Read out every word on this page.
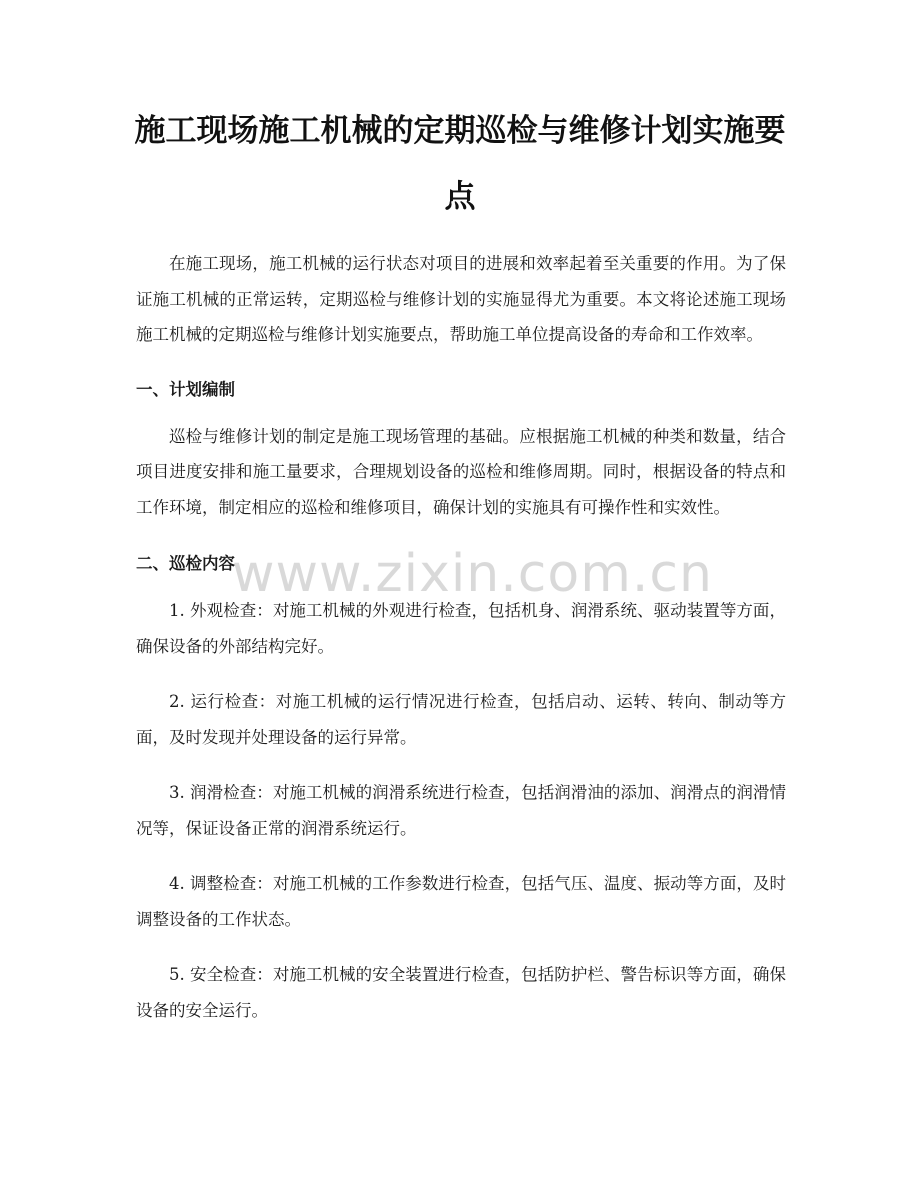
施工现场施工机械的定期巡检与维修计划实施要点

在施工现场，施工机械的运行状态对项目的进展和效率起着至关重要的作用。为了保证施工机械的正常运转，定期巡检与维修计划的实施显得尤为重要。本文将论述施工现场施工机械的定期巡检与维修计划实施要点，帮助施工单位提高设备的寿命和工作效率。

一、计划编制

巡检与维修计划的制定是施工现场管理的基础。应根据施工机械的种类和数量，结合项目进度安排和施工量要求，合理规划设备的巡检和维修周期。同时，根据设备的特点和工作环境，制定相应的巡检和维修项目，确保计划的实施具有可操作性和实效性。

二、巡检内容

1. 外观检查：对施工机械的外观进行检查，包括机身、润滑系统、驱动装置等方面，确保设备的外部结构完好。

2. 运行检查：对施工机械的运行情况进行检查，包括启动、运转、转向、制动等方面，及时发现并处理设备的运行异常。

3. 润滑检查：对施工机械的润滑系统进行检查，包括润滑油的添加、润滑点的润滑情况等，保证设备正常的润滑系统运行。

4. 调整检查：对施工机械的工作参数进行检查，包括气压、温度、振动等方面，及时调整设备的工作状态。

5. 安全检查：对施工机械的安全装置进行检查，包括防护栏、警告标识等方面，确保设备的安全运行。

www.zixin.com.cn
